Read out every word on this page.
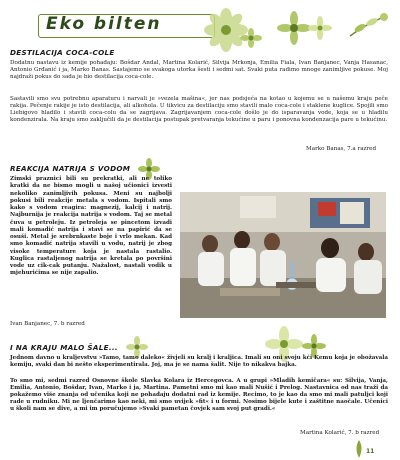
Eko bilten
DESTILACIJA COCA-COLE

Dodatnu nastavu iz kemije pohađaju: Bošdar Andal, Martina Kolarić, Silvija Mrkonja, Emilia Fiala, Ivan Banjanec, Vanja Hasanac, Antonio Grđanić i ja, Marko Banas. Sastajemo se svakoga utorka šesti i sedmi sat. Svaki puta radimo mnoge zanimljive pokuse. Moj najdraži pokus do sada je bio destilacija coca-cole.

Sastavili smo svu potrebnu aparaturu i narvali je »vezela mašina«, jer nas podsjeća na kotao u kojemu se u našemu kraju peče rakija. Pečenje rakije je isto destilacija, ali alkohola. U tikvicu za destilaciju smo stavili malo coca-cole i staklene kuglice. Spojili smo Liebigovo hladilo i stavili coca-colu da se zagrijava. Zagrijavanjem coca-cole došlo je do isparavanja vode, koja se u hladilu kondenzirala. Na kraju smo zaključili da je destilacija postupak pretvaranja tekućine u paru i ponovna kondenzacija pare u tekućinu.

Marko Banas, 7.a razred
REAKCIJA NATRIJA S VODOM

Zimski praznici bili su prekratki, ali ne toliko kratki da ne bismo mogli u našoj učionici izvesti nekoliko zanimljivih pokusa. Meni su najbolji pokusi bili reakcije metala s vodom. Ispitali smo kako s vodom reagira: magnezij, kalcij i natrij. Najburnija je reakcija natrija s vodom. Taj se metal čuva u petroleju. Iz petroleja se pincetom izvadi mali komadić natrija i stavi se na papirić da se osuši. Metal je srebrnkaste boje i vrlo mekan. Kad smo komadić natrija stavili u vodu, natrij je zbog visoke temperature koja je nastala rastalio. Kuglica rastaljenog natrija se kretala po površini vode uz cik-cak putanju. Nažalost, nastali vodik u mjehurićima se nije zapalio.

Ivan Banjanec, 7. b razred
I NA KRAJU MALO ŠALE...

Jednom davno u kraljevstvu »Tamo, tamo daleko« živjeli su kralj i kraljica. Imali su oni svoju kći Kemu koja je obožavala kemiju, svaki dan bi nešto eksperimentirala. Joj, ma je se nama šalit. Nije to nikakva bajka.

To smo mi, sedmi razred Osnovne škole Slavka Kolara iz Hercegovca. A u grupi »Mladih kemičara« su: Silvija, Vanja, Emilia, Antonio, Bošdar, Ivan, Marko i ja, Martina. Pametni smo mi kao mali Nušić i Prelog. Nastavnica od nas traži da pokažemo više znanja od učenika koji ne pohađaju dodatni rad iz kemije. Recimo, to je kao da smo mi mali patuljci koji rade u rudniku. Mi ne ljenčarimo kao neki, mi smo uvijek »fit« i u formi. Nosimo bijele kute i zaštitne naočale. Učenici u školi nam se dive, a mi im poručujemo »Svaki pametan čovjek sam svoj put gradi.«

Martina Kolarić, 7. b razred
11
